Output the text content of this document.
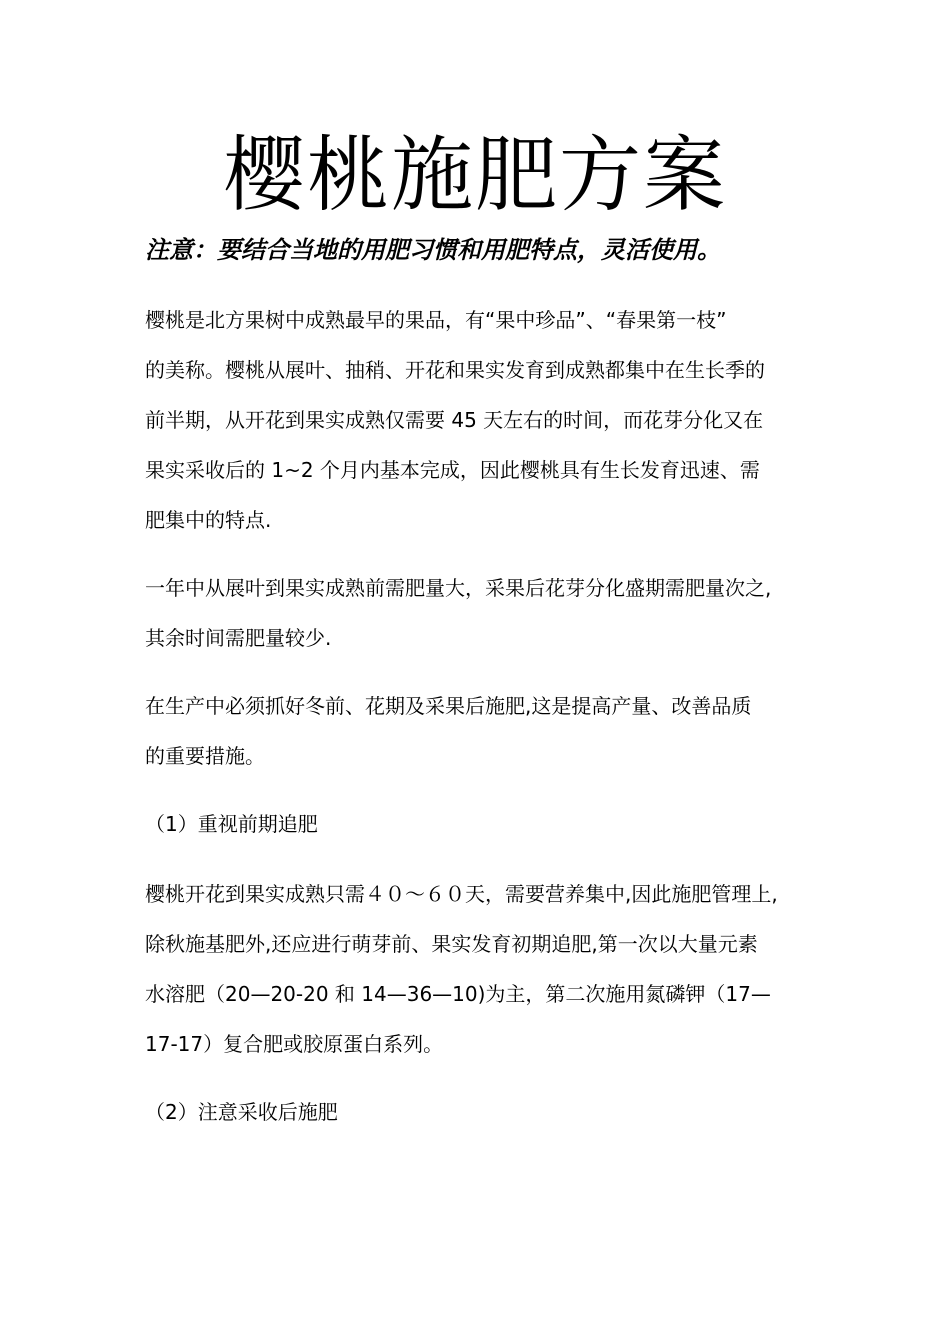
樱桃施肥方案

注意：要结合当地的用肥习惯和用肥特点，灵活使用。

樱桃是北方果树中成熟最早的果品，有“果中珍品”、“春果第一枝”
的美称。樱桃从展叶、抽稍、开花和果实发育到成熟都集中在生长季的
前半期，从开花到果实成熟仅需要 45 天左右的时间，而花芽分化又在
果实采收后的 1~2 个月内基本完成，因此樱桃具有生长发育迅速、需
肥集中的特点.
一年中从展叶到果实成熟前需肥量大，采果后花芽分化盛期需肥量次之,
其余时间需肥量较少.
在生产中必须抓好冬前、花期及采果后施肥,这是提高产量、改善品质
的重要措施。

（1）重视前期追肥

樱桃开花到果实成熟只需４０～６０天，需要营养集中,因此施肥管理上,
除秋施基肥外,还应进行萌芽前、果实发育初期追肥,第一次以大量元素
水溶肥（20—20-20 和 14—36—10)为主，第二次施用氮磷钾（17—
17-17）复合肥或胶原蛋白系列。

（2）注意采收后施肥
